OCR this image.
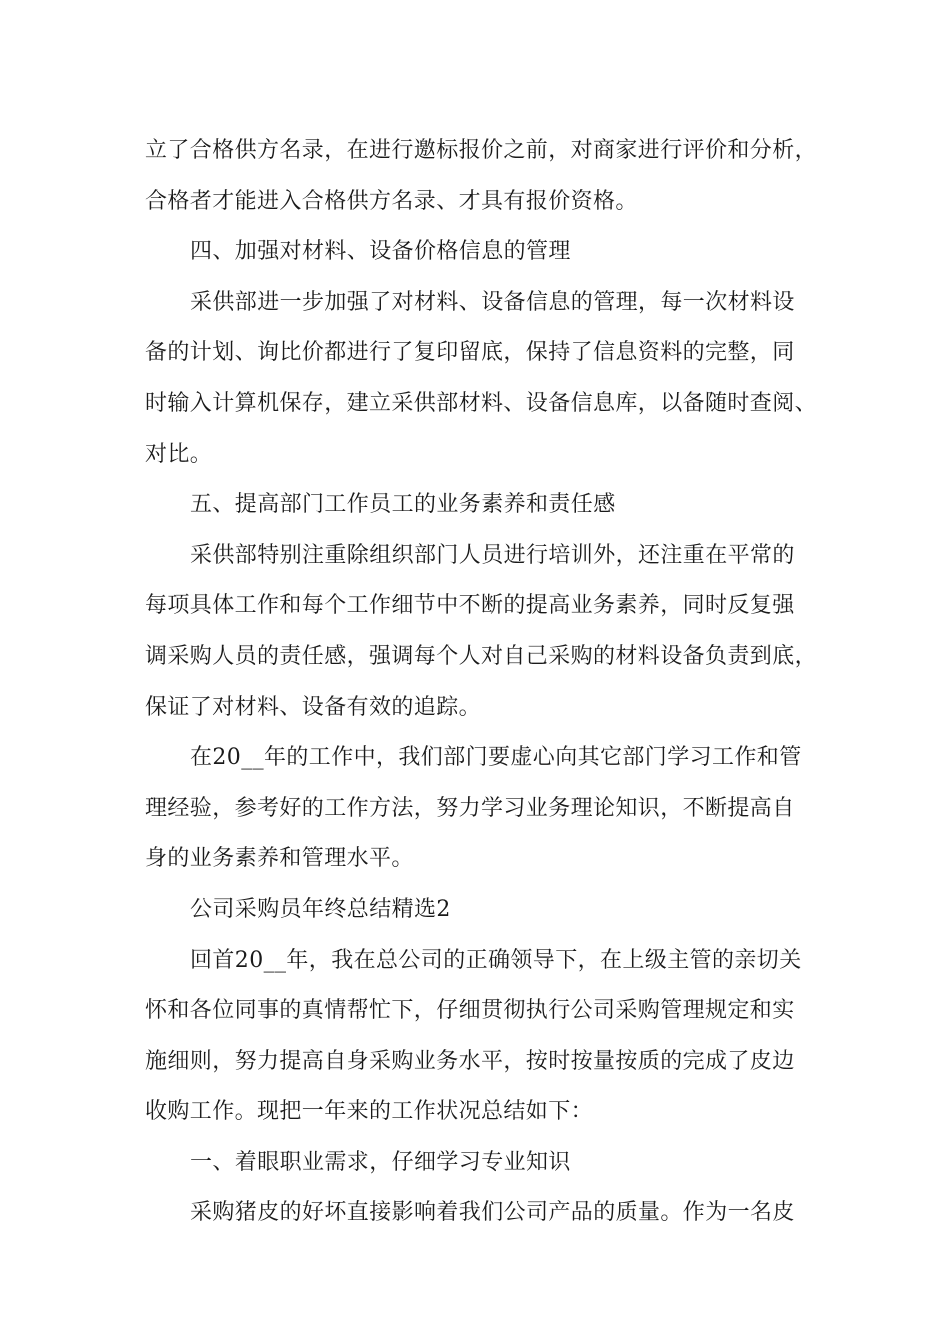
立了合格供方名录，在进行邀标报价之前，对商家进行评价和分析，
合格者才能进入合格供方名录、才具有报价资格。
四、加强对材料、设备价格信息的管理
采供部进一步加强了对材料、设备信息的管理，每一次材料设
备的计划、询比价都进行了复印留底，保持了信息资料的完整，同
时输入计算机保存，建立采供部材料、设备信息库，以备随时查阅、
对比。
五、提高部门工作员工的业务素养和责任感
采供部特别注重除组织部门人员进行培训外，还注重在平常的
每项具体工作和每个工作细节中不断的提高业务素养，同时反复强
调采购人员的责任感，强调每个人对自己采购的材料设备负责到底，
保证了对材料、设备有效的追踪。
在20__年的工作中，我们部门要虚心向其它部门学习工作和管
理经验，参考好的工作方法，努力学习业务理论知识，不断提高自
身的业务素养和管理水平。
公司采购员年终总结精选2
回首20__年，我在总公司的正确领导下，在上级主管的亲切关
怀和各位同事的真情帮忙下，仔细贯彻执行公司采购管理规定和实
施细则，努力提高自身采购业务水平，按时按量按质的完成了皮边
收购工作。现把一年来的工作状况总结如下：
一、着眼职业需求，仔细学习专业知识
采购猪皮的好坏直接影响着我们公司产品的质量。作为一名皮
